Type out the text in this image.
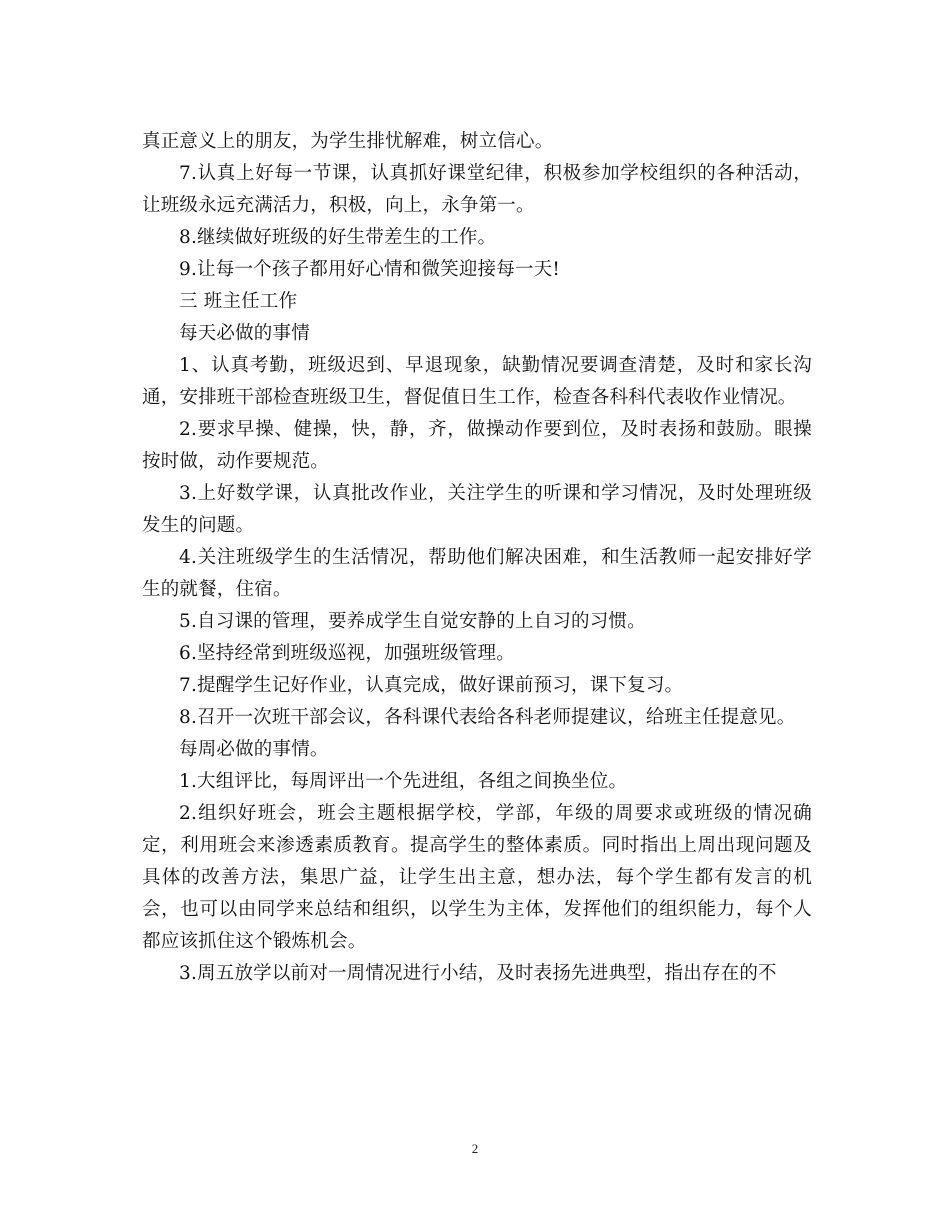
真正意义上的朋友，为学生排忧解难，树立信心。

7.认真上好每一节课，认真抓好课堂纪律，积极参加学校组织的各种活动，让班级永远充满活力，积极，向上，永争第一。

8.继续做好班级的好生带差生的工作。

9.让每一个孩子都用好心情和微笑迎接每一天!

三 班主任工作

每天必做的事情

1、认真考勤，班级迟到、早退现象，缺勤情况要调查清楚，及时和家长沟通，安排班干部检查班级卫生，督促值日生工作，检查各科科代表收作业情况。

2.要求早操、健操，快，静，齐，做操动作要到位，及时表扬和鼓励。眼操按时做，动作要规范。

3.上好数学课，认真批改作业，关注学生的听课和学习情况，及时处理班级发生的问题。

4.关注班级学生的生活情况，帮助他们解决困难，和生活教师一起安排好学生的就餐，住宿。

5.自习课的管理，要养成学生自觉安静的上自习的习惯。

6.坚持经常到班级巡视，加强班级管理。

7.提醒学生记好作业，认真完成，做好课前预习，课下复习。

8.召开一次班干部会议，各科课代表给各科老师提建议，给班主任提意见。

每周必做的事情。

1.大组评比，每周评出一个先进组，各组之间换坐位。

2.组织好班会，班会主题根据学校，学部，年级的周要求或班级的情况确定，利用班会来渗透素质教育。提高学生的整体素质。同时指出上周出现问题及具体的改善方法，集思广益，让学生出主意，想办法，每个学生都有发言的机会，也可以由同学来总结和组织，以学生为主体，发挥他们的组织能力，每个人都应该抓住这个锻炼机会。

3.周五放学以前对一周情况进行小结，及时表扬先进典型，指出存在的不

2
